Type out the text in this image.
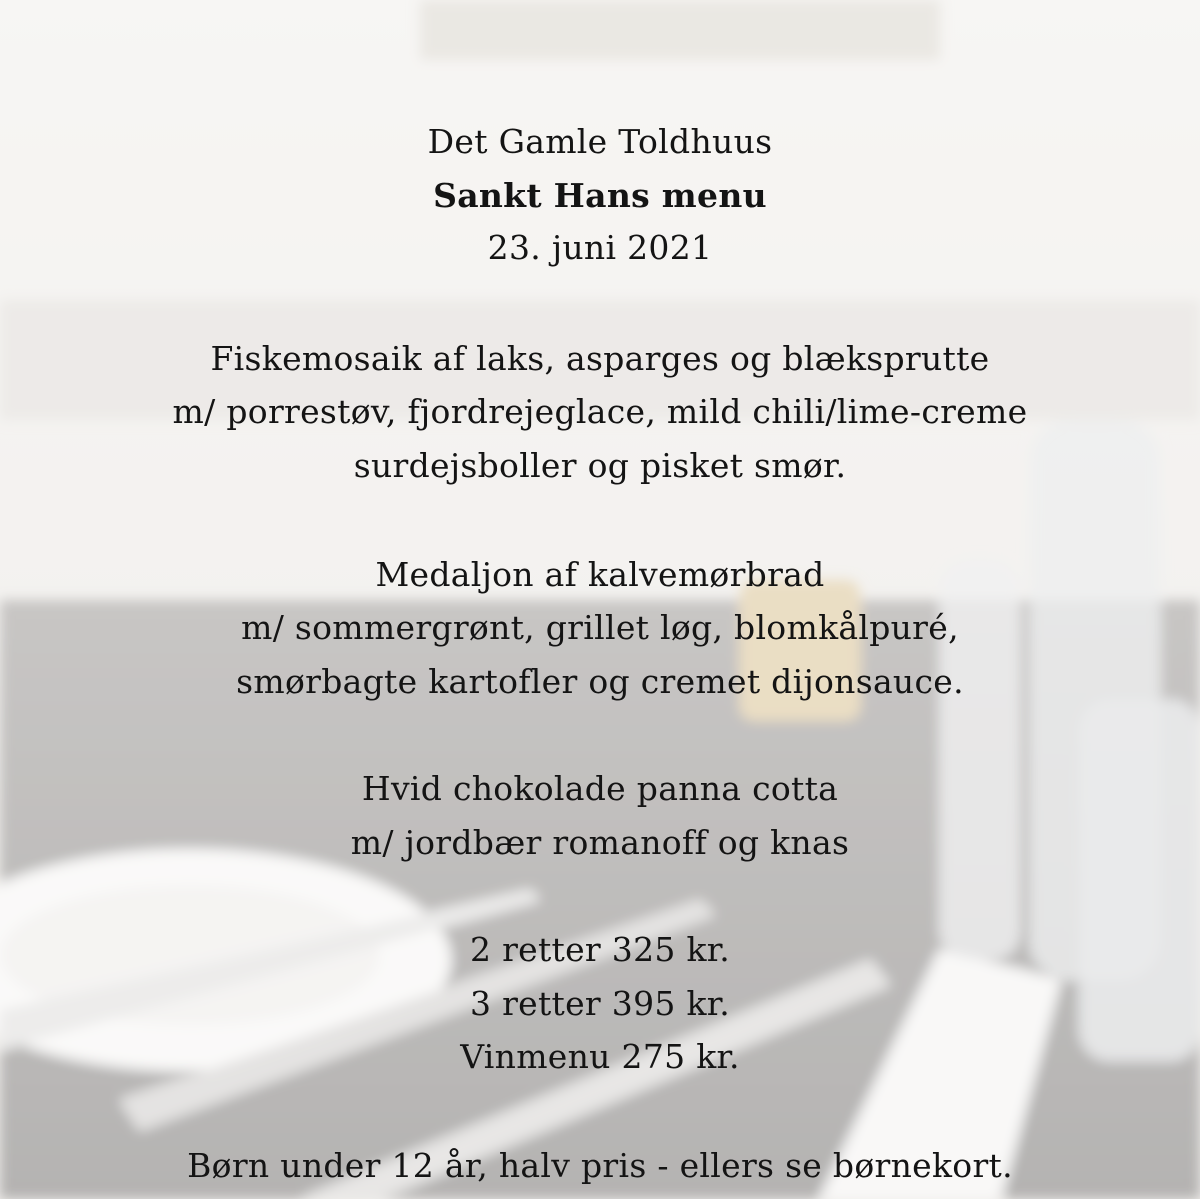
Det Gamle Toldhuus
Sankt Hans menu
23. juni 2021
Fiskemosaik af laks, asparges og blækspruttе
m/ porrestøv, fjordrejeglace, mild chili/lime-creme
surdejsboller og pisket smør.
Medaljon af kalvemørbrad
m/ sommergrønt, grillet løg, blomkålpuré,
smørbagte kartofler og cremet dijonsauce.
Hvid chokolade panna cotta
m/ jordbær romanoff og knas
2 retter 325 kr.
3 retter 395 kr.
Vinmenu 275 kr.
Børn under 12 år, halv pris - ellers se børnekort.
